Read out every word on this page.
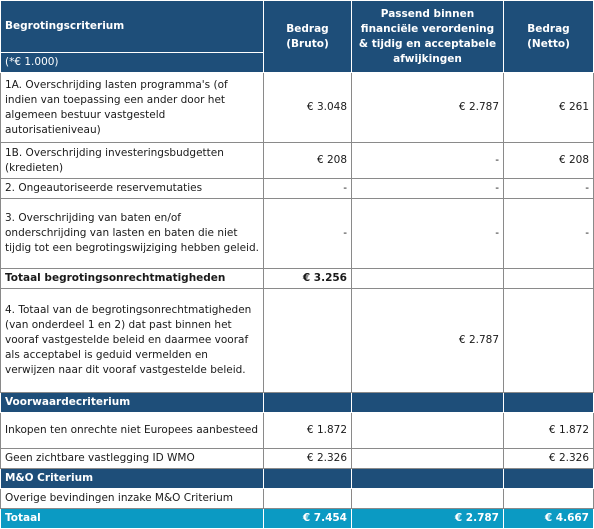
Begrotingscriterium	Bedrag (Bruto)	Passend binnen financiële verordening & tijdig en acceptabele afwijkingen	Bedrag (Netto)
(*€ 1.000)			
1A. Overschrijding lasten programma's (of indien van toepassing een ander door het algemeen bestuur vastgesteld autorisatieniveau)	€ 3.048	€ 2.787	€ 261
1B. Overschrijding investeringsbudgetten (kredieten)	€ 208	-	€ 208
2. Ongeautoriseerde reservemutaties	-	-	-
3. Overschrijding van baten en/of onderschrijding van lasten en baten die niet tijdig tot een begrotingswijziging hebben geleid.	-	-	-
Totaal begrotingsonrechtmatigheden	€ 3.256		
4. Totaal van de begrotingsonrechtmatigheden (van onderdeel 1 en 2) dat past binnen het vooraf vastgestelde beleid en daarmee vooraf als acceptabel is geduid vermelden en verwijzen naar dit vooraf vastgestelde beleid.		€ 2.787	
Voorwaardecriterium			
Inkopen ten onrechte niet Europees aanbesteed	€ 1.872		€ 1.872
Geen zichtbare vastlegging ID WMO	€ 2.326		€ 2.326
M&O Criterium			
Overige bevindingen inzake M&O Criterium			
Totaal	€ 7.454	€ 2.787	€ 4.667
